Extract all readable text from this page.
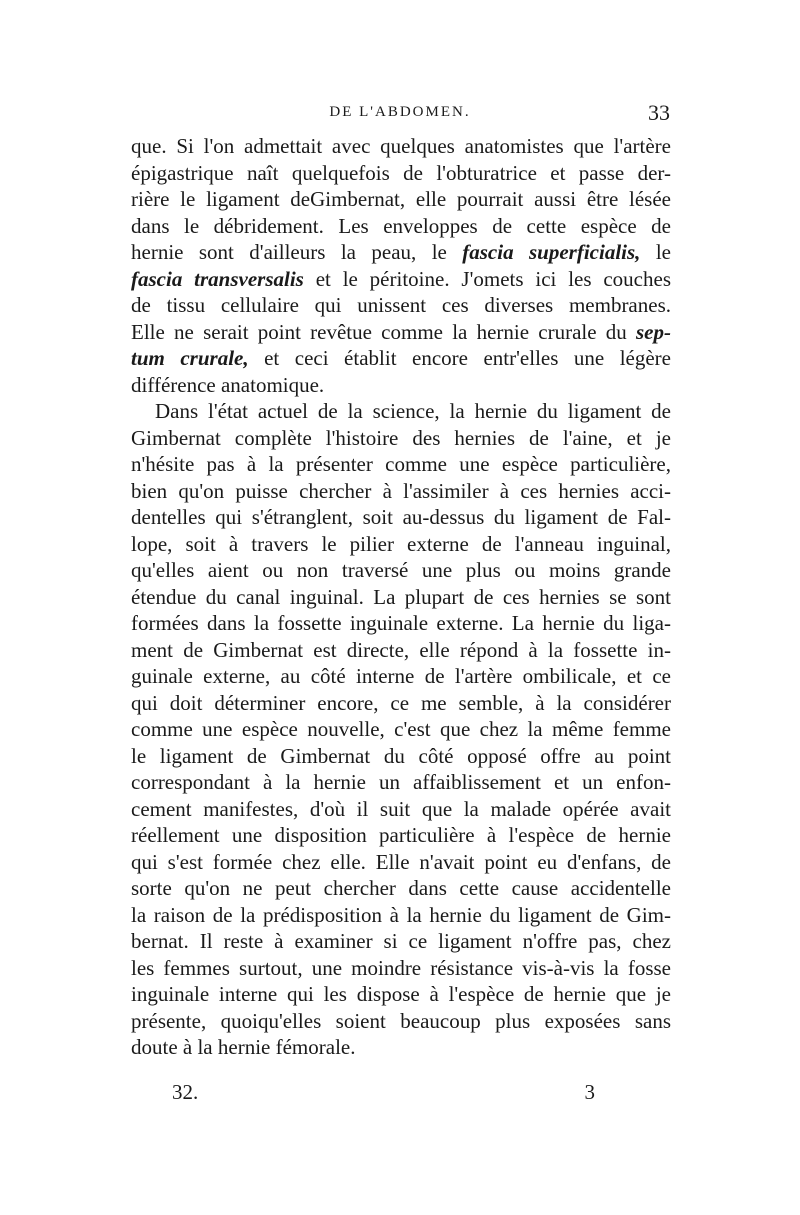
DE L'ABDOMEN.	33
que. Si l'on admettait avec quelques anatomistes que l'artère
épigastrique naît quelquefois de l'obturatrice et passe der-
rière le ligament deGimbernat, elle pourrait aussi être lésée
dans le débridement. Les enveloppes de cette espèce de
hernie sont d'ailleurs la peau, le fascia superficialis, le
fascia transversalis et le péritoine. J'omets ici les couches
de tissu cellulaire qui unissent ces diverses membranes.
Elle ne serait point revêtue comme la hernie crurale du sep-
tum crurale, et ceci établit encore entr'elles une légère
différence anatomique.
Dans l'état actuel de la science, la hernie du ligament de
Gimbernat complète l'histoire des hernies de l'aine, et je
n'hésite pas à la présenter comme une espèce particulière,
bien qu'on puisse chercher à l'assimiler à ces hernies acci-
dentelles qui s'étranglent, soit au-dessus du ligament de Fal-
lope, soit à travers le pilier externe de l'anneau inguinal,
qu'elles aient ou non traversé une plus ou moins grande
étendue du canal inguinal. La plupart de ces hernies se sont
formées dans la fossette inguinale externe. La hernie du liga-
ment de Gimbernat est directe, elle répond à la fossette in-
guinale externe, au côté interne de l'artère ombilicale, et ce
qui doit déterminer encore, ce me semble, à la considérer
comme une espèce nouvelle, c'est que chez la même femme
le ligament de Gimbernat du côté opposé offre au point
correspondant à la hernie un affaiblissement et un enfon-
cement manifestes, d'où il suit que la malade opérée avait
réellement une disposition particulière à l'espèce de hernie
qui s'est formée chez elle. Elle n'avait point eu d'enfans, de
sorte qu'on ne peut chercher dans cette cause accidentelle
la raison de la prédisposition à la hernie du ligament de Gim-
bernat. Il reste à examiner si ce ligament n'offre pas, chez
les femmes surtout, une moindre résistance vis-à-vis la fosse
inguinale interne qui les dispose à l'espèce de hernie que je
présente, quoiqu'elles soient beaucoup plus exposées sans
doute à la hernie fémorale.
32.	3
